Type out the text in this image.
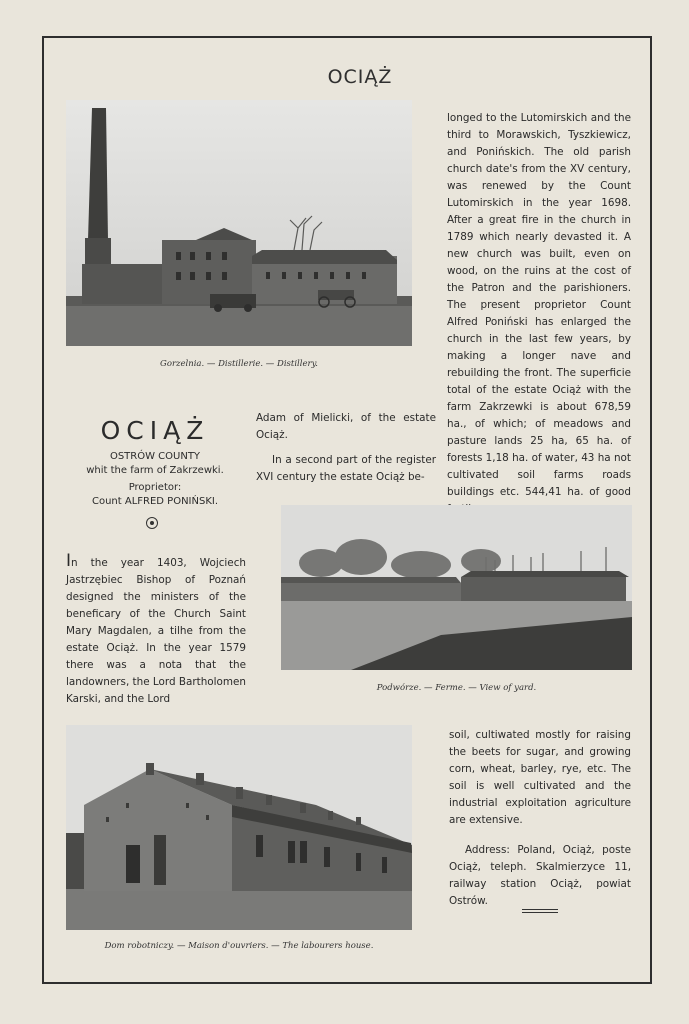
OCIĄŻ
Gorzelnia. — Distillerie. — Distillery.
longed to the Lutomirskich and the third to Morawskich, Tyszkiewicz, and Ponińskich. The old parish church date's from the XV century, was renewed by the Count Lutomirskich in the year 1698. After a great fire in the church in 1789 which nearly devasted it. A new church was built, even on wood, on the ruins at the cost of the Patron and the parishioners. The present proprietor Count Alfred Poniński has enlarged the church in the last few years, by making a longer nave and rebuilding the front. The superficie total of the estate Ociąż with the farm Zakrzewki is about 678,59 ha., of which; of meadows and pasture lands 25 ha, 65 ha. of forests 1,18 ha. of water, 43 ha not cultivated soil farms roads buildings etc. 544,41 ha. of good
OCIĄŻ
OSTRÓW COUNTY
whit the farm of Zakrzewki.
Proprietor:
Count ALFRED PONIŃSKI.
Adam of Mielicki, of the estate Ociąż.
In a second part of the register XVI century the estate Ociąż be-
In the year 1403, Wojciech Jastrzębiec Bishop of Poznań designed the ministers of the beneficary of the Church Saint Mary Magdalen, a tilhe from the estate Ociąż. In the year 1579 there was a nota that the landowners, the Lord Bartholomen Karski, and the Lord
Podwórze. — Ferme. — View of yard.
Dom robotniczy. — Maison d'ouvriers. — The labourers house.
soil, cultiwated mostly for raising the beets for sugar, and growing corn, wheat, barley, rye, etc. The soil is well cultivated and the industrial exploitation agriculture are extensive.
Address: Poland, Ociąż, poste Ociąż, teleph. Skalmierzyce 11, railway station Ociąż, powiat Ostrów.
